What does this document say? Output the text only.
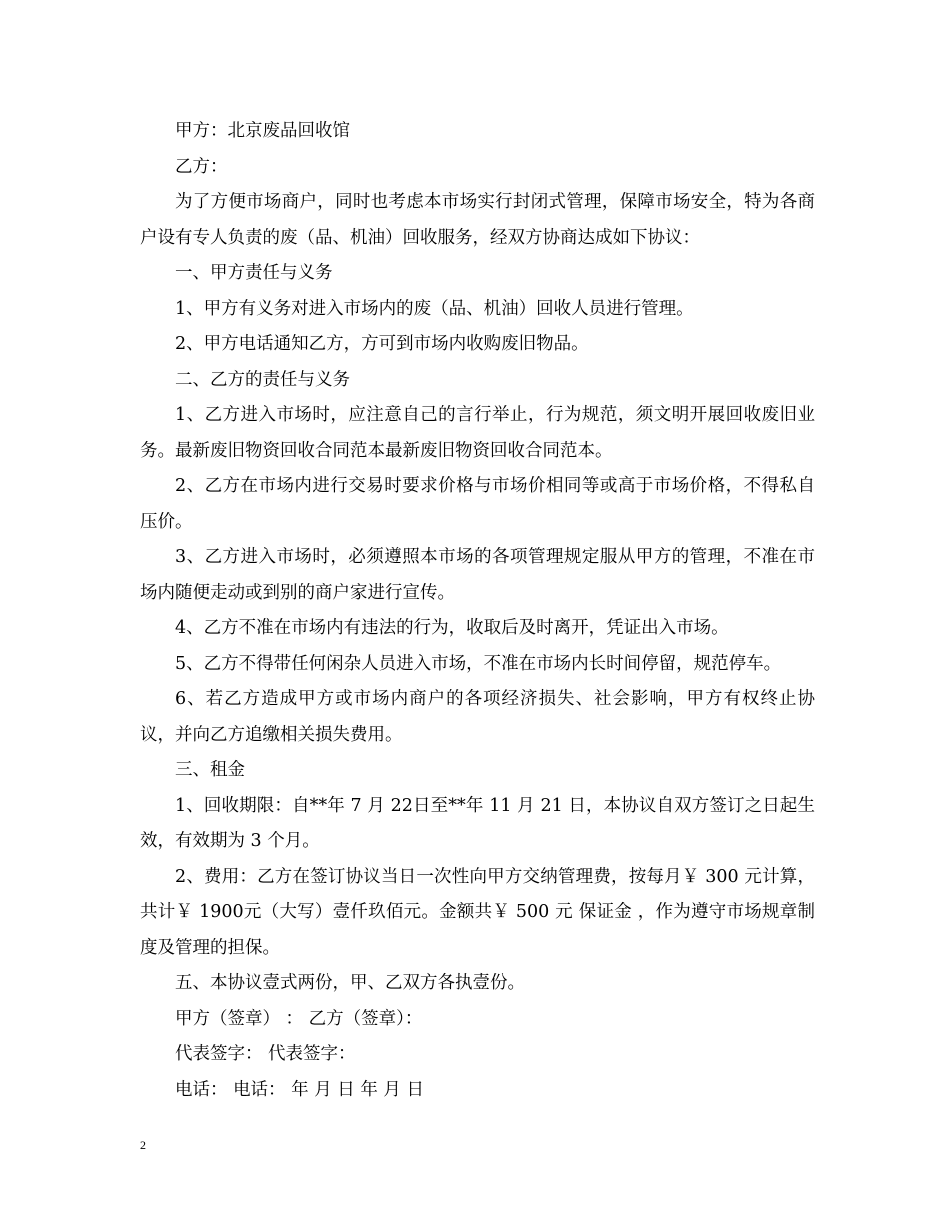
甲方：北京废品回收馆

乙方：

为了方便市场商户，同时也考虑本市场实行封闭式管理，保障市场安全，特为各商户设有专人负责的废（品、机油）回收服务，经双方协商达成如下协议：

一、甲方责任与义务

1、甲方有义务对进入市场内的废（品、机油）回收人员进行管理。

2、甲方电话通知乙方，方可到市场内收购废旧物品。

二、乙方的责任与义务

1、乙方进入市场时，应注意自己的言行举止，行为规范，须文明开展回收废旧业务。最新废旧物资回收合同范本最新废旧物资回收合同范本。

2、乙方在市场内进行交易时要求价格与市场价相同等或高于市场价格，不得私自压价。

3、乙方进入市场时，必须遵照本市场的各项管理规定服从甲方的管理，不准在市场内随便走动或到别的商户家进行宣传。

4、乙方不准在市场内有违法的行为，收取后及时离开，凭证出入市场。

5、乙方不得带任何闲杂人员进入市场，不准在市场内长时间停留，规范停车。

6、若乙方造成甲方或市场内商户的各项经济损失、社会影响，甲方有权终止协议，并向乙方追缴相关损失费用。

三、租金

1、回收期限：自**年 7 月 22日至**年 11 月 21 日，本协议自双方签订之日起生效，有效期为 3 个月。

2、费用：乙方在签订协议当日一次性向甲方交纳管理费，按每月￥ 300 元计算，共计￥ 1900元（大写）壹仟玖佰元。金额共￥ 500 元 保证金 ，作为遵守市场规章制度及管理的担保。

五、本协议壹式两份，甲、乙双方各执壹份。

甲方（签章） ： 乙方（签章）：

代表签字： 代表签字：

电话： 电话： 年 月 日 年 月 日

2
